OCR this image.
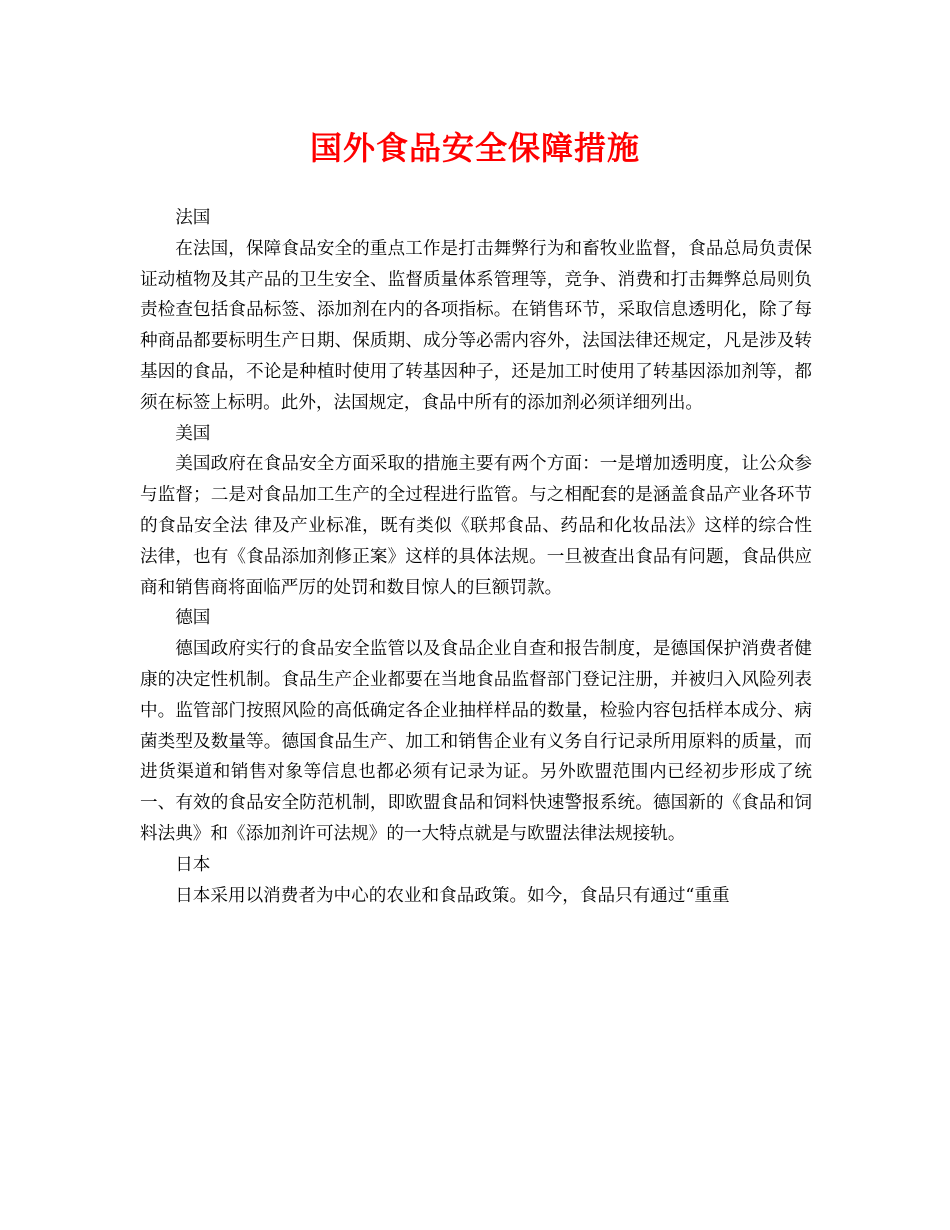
国外食品安全保障措施

法国

在法国，保障食品安全的重点工作是打击舞弊行为和畜牧业监督，食品总局负责保证动植物及其产品的卫生安全、监督质量体系管理等，竞争、消费和打击舞弊总局则负责检查包括食品标签、添加剂在内的各项指标。在销售环节，采取信息透明化，除了每种商品都要标明生产日期、保质期、成分等必需内容外，法国法律还规定，凡是涉及转基因的食品，不论是种植时使用了转基因种子，还是加工时使用了转基因添加剂等，都须在标签上标明。此外，法国规定，食品中所有的添加剂必须详细列出。

美国

美国政府在食品安全方面采取的措施主要有两个方面：一是增加透明度，让公众参与监督；二是对食品加工生产的全过程进行监管。与之相配套的是涵盖食品产业各环节的食品安全法 律及产业标准，既有类似《联邦食品、药品和化妆品法》这样的综合性法律，也有《食品添加剂修正案》这样的具体法规。一旦被查出食品有问题，食品供应商和销售商将面临严厉的处罚和数目惊人的巨额罚款。

德国

德国政府实行的食品安全监管以及食品企业自查和报告制度，是德国保护消费者健康的决定性机制。食品生产企业都要在当地食品监督部门登记注册，并被归入风险列表中。监管部门按照风险的高低确定各企业抽样样品的数量，检验内容包括样本成分、病菌类型及数量等。德国食品生产、加工和销售企业有义务自行记录所用原料的质量，而进货渠道和销售对象等信息也都必须有记录为证。另外欧盟范围内已经初步形成了统一、有效的食品安全防范机制，即欧盟食品和饲料快速警报系统。德国新的《食品和饲料法典》和《添加剂许可法规》的一大特点就是与欧盟法律法规接轨。

日本

日本采用以消费者为中心的农业和食品政策。如今，食品只有通过“重重
